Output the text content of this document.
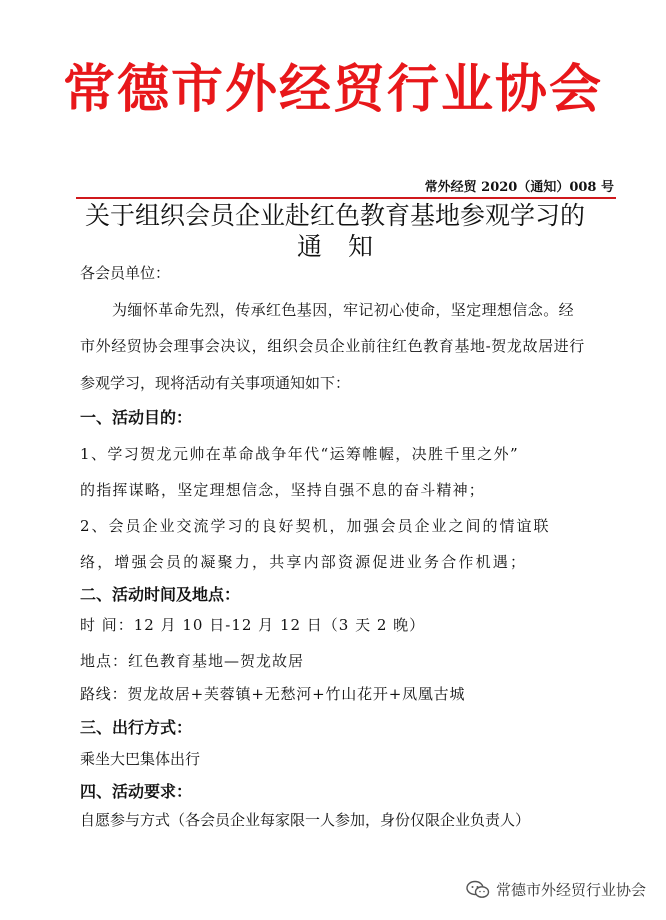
常德市外经贸行业协会
常外经贸 2020（通知）008 号
关于组织会员企业赴红色教育基地参观学习的
通知
各会员单位：
为缅怀革命先烈，传承红色基因，牢记初心使命，坚定理想信念。经
市外经贸协会理事会决议，组织会员企业前往红色教育基地-贺龙故居进行
参观学习，现将活动有关事项通知如下：
一、活动目的：
1、学习贺龙元帅在革命战争年代“运筹帷幄，决胜千里之外”
的指挥谋略，坚定理想信念，坚持自强不息的奋斗精神；
2、会员企业交流学习的良好契机，加强会员企业之间的情谊联
络，增强会员的凝聚力，共享内部资源促进业务合作机遇；
二、活动时间及地点：
时 间：12 月 10 日-12 月 12 日（3 天 2 晚）
地点：红色教育基地—贺龙故居
路线：贺龙故居+芙蓉镇+无愁河+竹山花开+凤凰古城
三、出行方式：
乘坐大巴集体出行
四、活动要求：
自愿参与方式（各会员企业每家限一人参加，身份仅限企业负责人）
常德市外经贸行业协会
